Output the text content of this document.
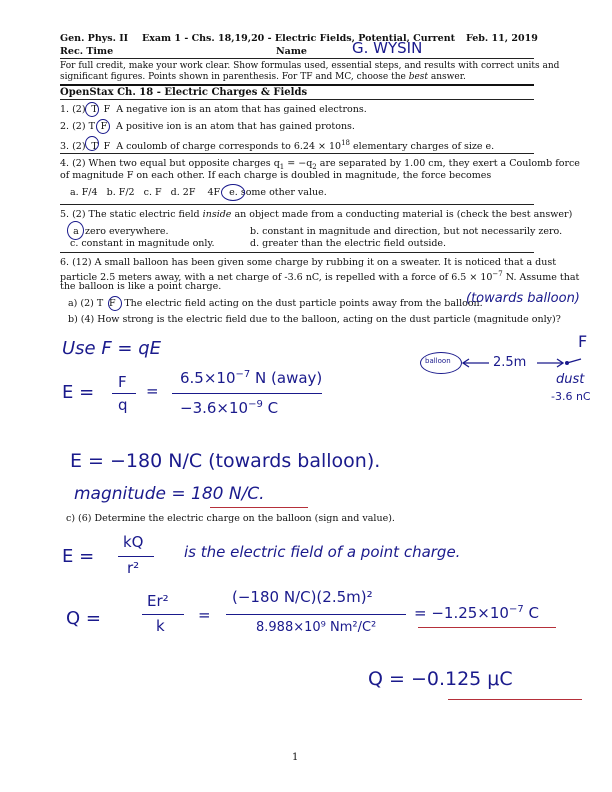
Gen. Phys. II Exam 1 - Chs. 18,19,20 - Electric Fields, Potential, Current Feb. 11, 2019
Rec. Time	Name	G. WYSIN
For full credit, make your work clear. Show formulas used, essential steps, and results with correct units and
significant figures. Points shown in parenthesis. For TF and MC, choose the best answer.
OpenStax Ch. 18 - Electric Charges & Fields
1. (2) T F A negative ion is an atom that has gained electrons.
2. (2) T F A positive ion is an atom that has gained protons.
3. (2) T F A coulomb of charge corresponds to $6.24 \times 10^{18}$ elementary charges of size e.
4. (2) When two equal but opposite charges $q_1 = -q_2$ are separated by 1.00 cm, they exert a Coulomb force
of magnitude F on each other. If each charge is doubled in magnitude, the force becomes
a. F/4 b. F/2 c. F d. 2F 4F e. some other value.
5. (2) The static electric field inside an object made from a conducting material is (check the best answer)
a zero everywhere.	b. constant in magnitude and direction, but not necessarily zero.
c. constant in magnitude only.	d. greater than the electric field outside.
6. (12) A small balloon has been given some charge by rubbing it on a sweater. It is noticed that a dust
particle 2.5 meters away, with a net charge of -3.6 nC, is repelled with a force of $6.5 \times 10^{-7}$ N. Assume that
the balloon is like a point charge.
a) (2) T F The electric field acting on the dust particle points away from the balloon.
(towards balloon)
b) (4) How strong is the electric field due to the balloon, acting on the dust particle (magnitude only)?
Use F = qE
balloon	2.5m
F
dust
-3.6 nC
E = F
q
=
$6.5\times 10^{-7}$ N (away)
$-3.6\times 10^{-9}$ C
E = −180 N/C (towards balloon).
magnitude = 180 N/C.
c) (6) Determine the electric charge on the balloon (sign and value).
E =
kQ
r²
is the electric field of a point charge.
Q =
Er²
k
=
(−180 N/C)(2.5m)²
8.988×10⁹ Nm²/C²
= $-1.25\times 10^{-7}$ C
Q = −0.125 μC
1
